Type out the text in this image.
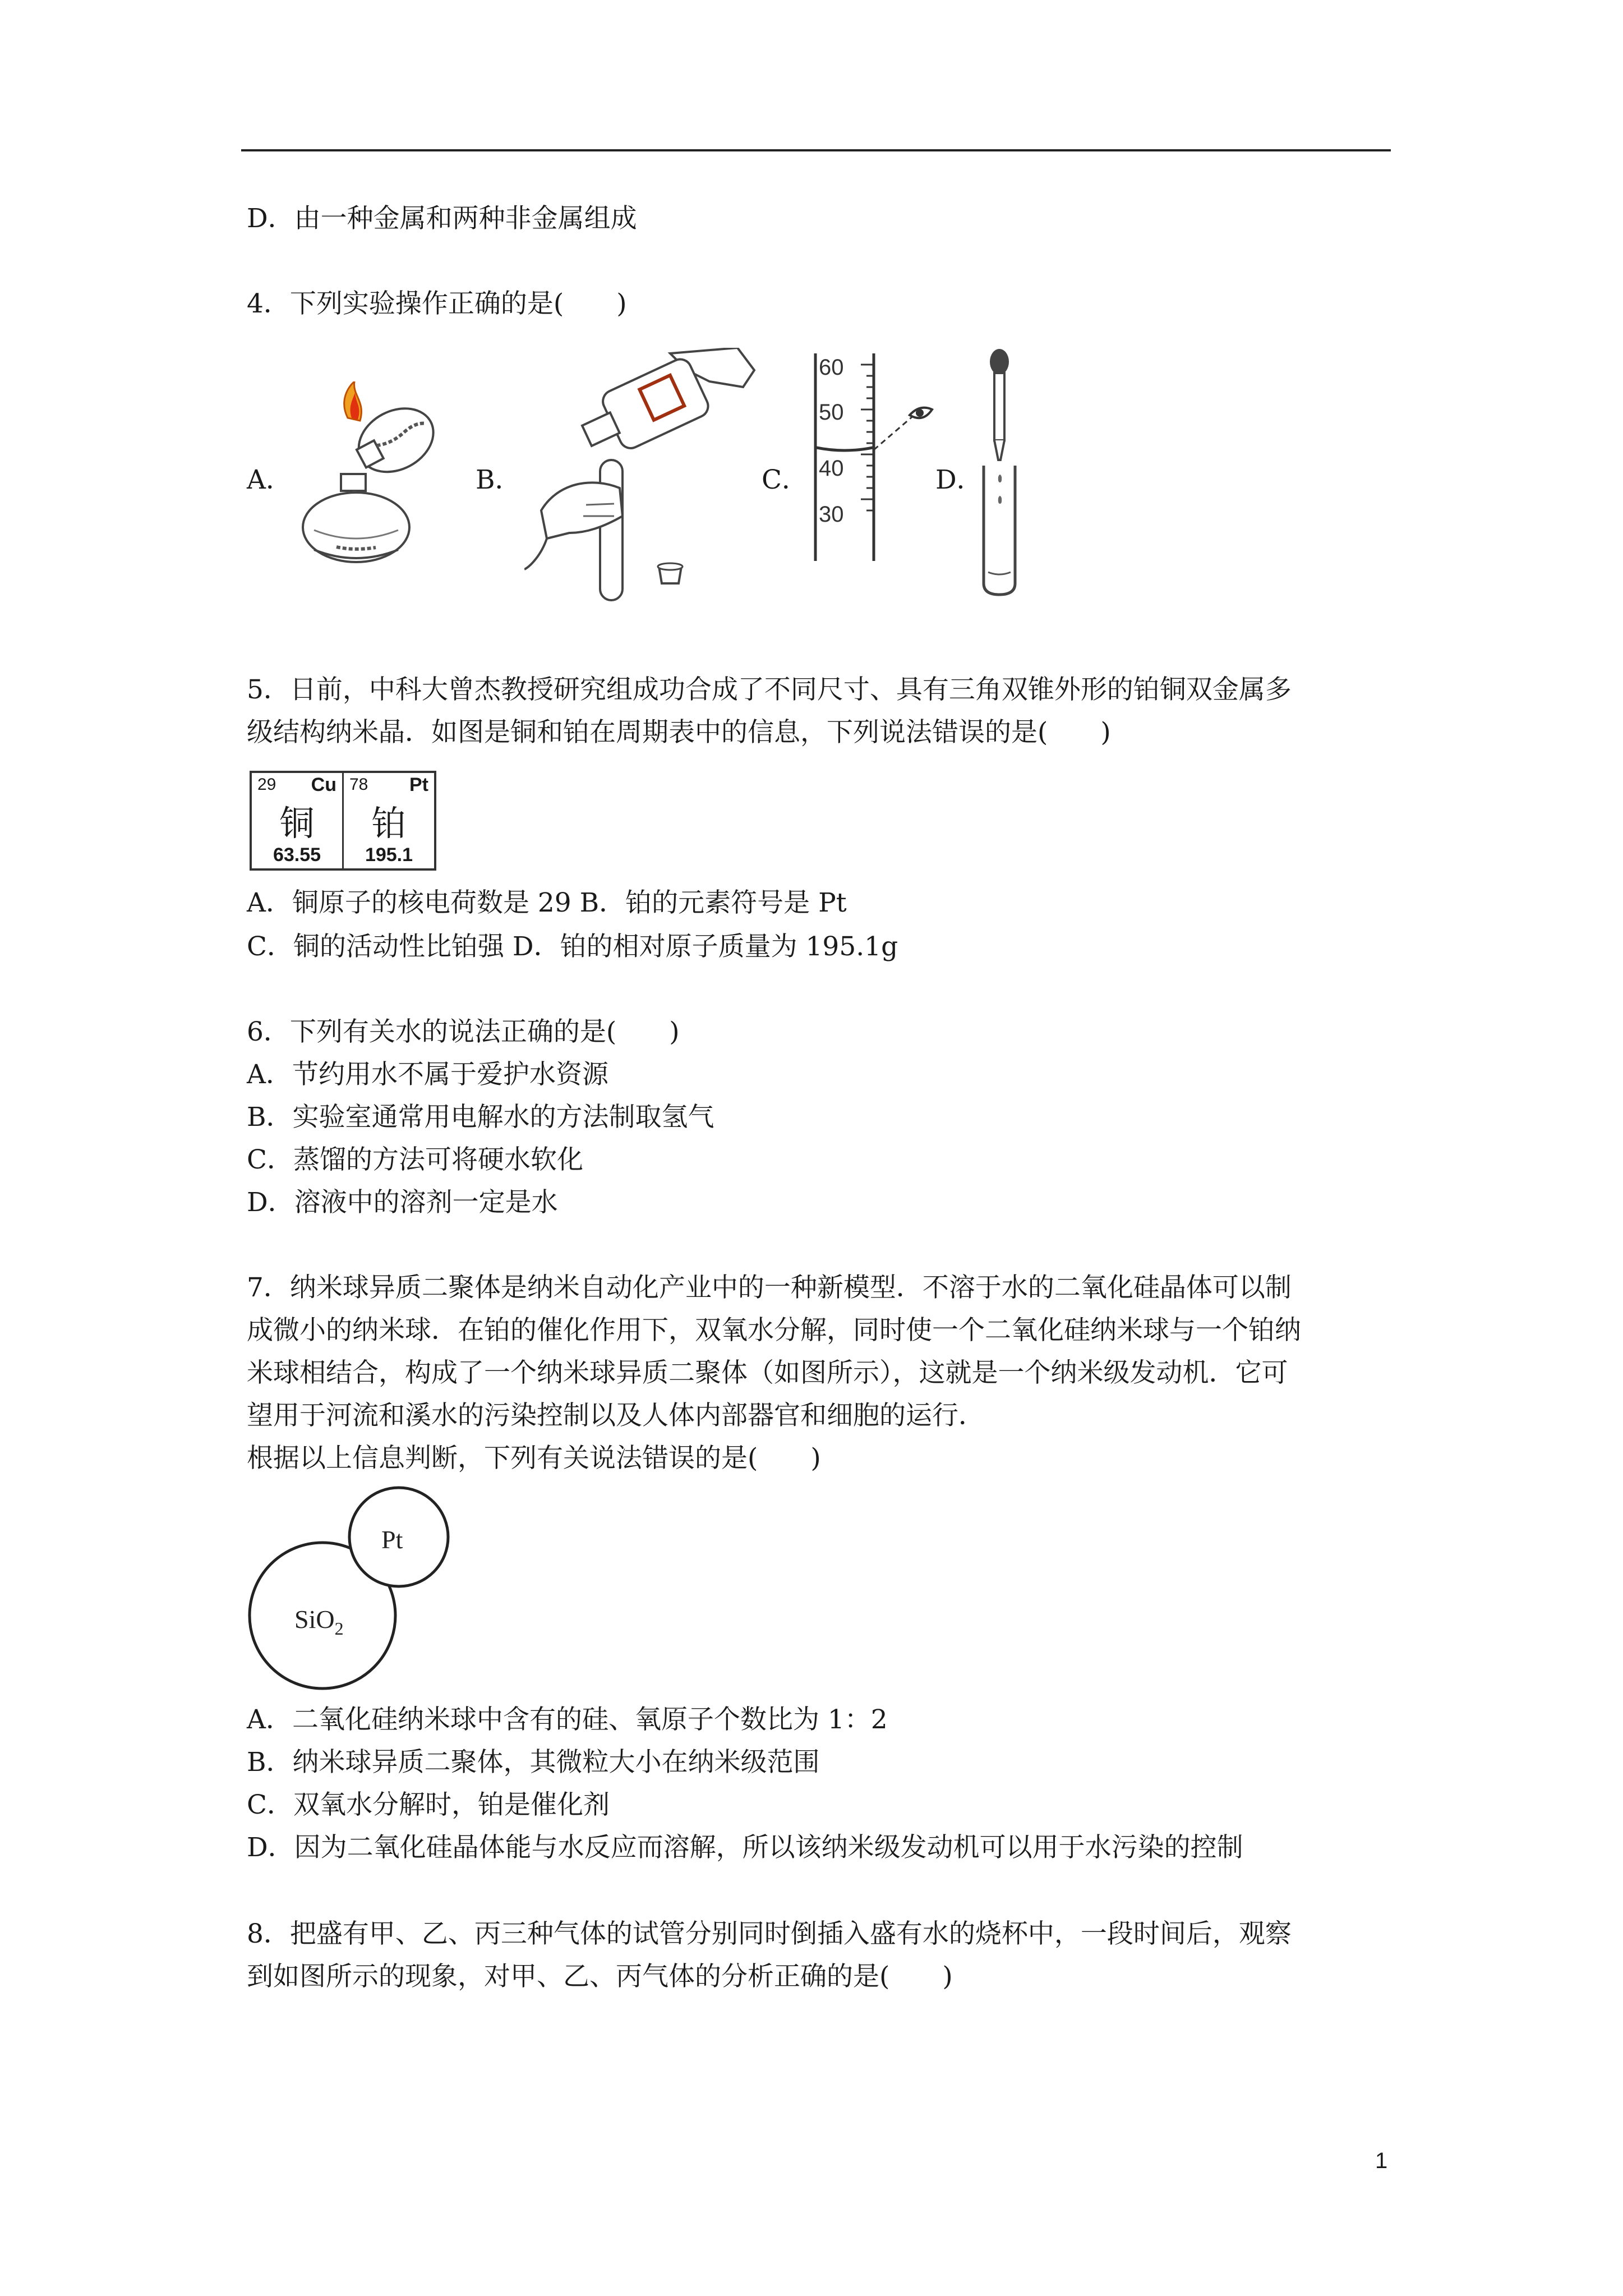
D．由一种金属和两种非金属组成
4．下列实验操作正确的是(　　)
A．	B．	C．	D．
60
50
40
30
5．日前，中科大曾杰教授研究组成功合成了不同尺寸、具有三角双锥外形的铂铜双金属多
级结构纳米晶．如图是铜和铂在周期表中的信息，下列说法错误的是(　　)
29 Cu
铜
63.55
78 Pt
铂
195.1
A．铜原子的核电荷数是 29 B．铂的元素符号是 Pt
C．铜的活动性比铂强 D．铂的相对原子质量为 195.1g
6．下列有关水的说法正确的是(　　)
A．节约用水不属于爱护水资源
B．实验室通常用电解水的方法制取氢气
C．蒸馏的方法可将硬水软化
D．溶液中的溶剂一定是水
7．纳米球异质二聚体是纳米自动化产业中的一种新模型．不溶于水的二氧化硅晶体可以制
成微小的纳米球．在铂的催化作用下，双氧水分解，同时使一个二氧化硅纳米球与一个铂纳
米球相结合，构成了一个纳米球异质二聚体（如图所示），这就是一个纳米级发动机．它可
望用于河流和溪水的污染控制以及人体内部器官和细胞的运行．
根据以上信息判断，下列有关说法错误的是(　　)
Pt
SiO$_2$
A．二氧化硅纳米球中含有的硅、氧原子个数比为 1：2
B．纳米球异质二聚体，其微粒大小在纳米级范围
C．双氧水分解时，铂是催化剂
D．因为二氧化硅晶体能与水反应而溶解，所以该纳米级发动机可以用于水污染的控制
8．把盛有甲、乙、丙三种气体的试管分别同时倒插入盛有水的烧杯中，一段时间后，观察
到如图所示的现象，对甲、乙、丙气体的分析正确的是(　　)
1
